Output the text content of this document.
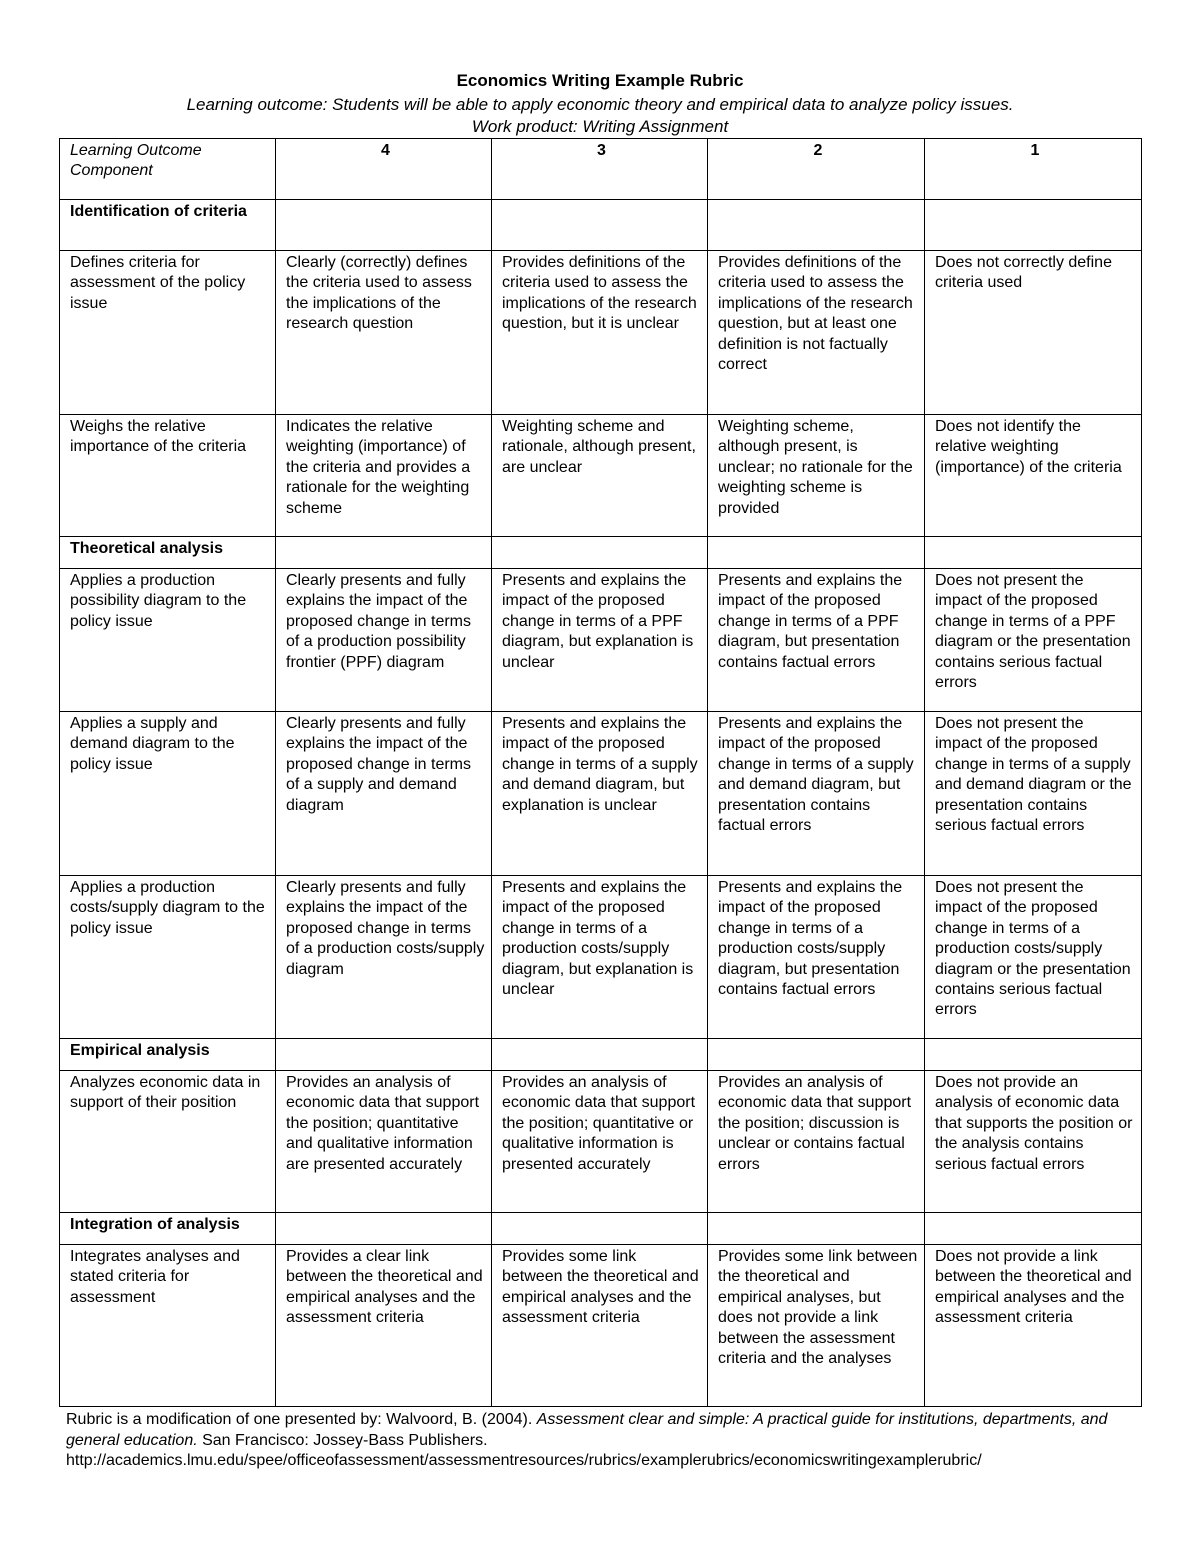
Economics Writing Example Rubric
Learning outcome: Students will be able to apply economic theory and empirical data to analyze policy issues.
Work product: Writing Assignment
Learning Outcome Component	4	3	2	1
Identification of criteria				
Defines criteria for assessment of the policy issue	Clearly (correctly) defines the criteria used to assess the implications of the research question	Provides definitions of the criteria used to assess the implications of the research question, but it is unclear	Provides definitions of the criteria used to assess the implications of the research question, but at least one definition is not factually correct	Does not correctly define criteria used
Weighs the relative importance of the criteria	Indicates the relative weighting (importance) of the criteria and provides a rationale for the weighting scheme	Weighting scheme and rationale, although present, are unclear	Weighting scheme, although present, is unclear; no rationale for the weighting scheme is provided	Does not identify the relative weighting (importance) of the criteria
Theoretical analysis				
Applies a production possibility diagram to the policy issue	Clearly presents and fully explains the impact of the proposed change in terms of a production possibility frontier (PPF) diagram	Presents and explains the impact of the proposed change in terms of a PPF diagram, but explanation is unclear	Presents and explains the impact of the proposed change in terms of a PPF diagram, but presentation contains factual errors	Does not present the impact of the proposed change in terms of a PPF diagram or the presentation contains serious factual errors
Applies a supply and demand diagram to the policy issue	Clearly presents and fully explains the impact of the proposed change in terms of a supply and demand diagram	Presents and explains the impact of the proposed change in terms of a supply and demand diagram, but explanation is unclear	Presents and explains the impact of the proposed change in terms of a supply and demand diagram, but presentation contains factual errors	Does not present the impact of the proposed change in terms of a supply and demand diagram or the presentation contains serious factual errors
Applies a production costs/supply diagram to the policy issue	Clearly presents and fully explains the impact of the proposed change in terms of a production costs/supply diagram	Presents and explains the impact of the proposed change in terms of a production costs/supply diagram, but explanation is unclear	Presents and explains the impact of the proposed change in terms of a production costs/supply diagram, but presentation contains factual errors	Does not present the impact of the proposed change in terms of a production costs/supply diagram or the presentation contains serious factual errors
Empirical analysis				
Analyzes economic data in support of their position	Provides an analysis of economic data that support the position; quantitative and qualitative information are presented accurately	Provides an analysis of economic data that support the position; quantitative or qualitative information is presented accurately	Provides an analysis of economic data that support the position; discussion is unclear or contains factual errors	Does not provide an analysis of economic data that supports the position or the analysis contains serious factual errors
Integration of analysis				
Integrates analyses and stated criteria for assessment	Provides a clear link between the theoretical and empirical analyses and the assessment criteria	Provides some link between the theoretical and empirical analyses and the assessment criteria	Provides some link between the theoretical and empirical analyses, but does not provide a link between the assessment criteria and the analyses	Does not provide a link between the theoretical and empirical analyses and the assessment criteria
Rubric is a modification of one presented by: Walvoord, B. (2004). Assessment clear and simple: A practical guide for institutions, departments, and general education. San Francisco: Jossey-Bass Publishers.
http://academics.lmu.edu/spee/officeofassessment/assessmentresources/rubrics/examplerubrics/economicswritingexamplerubric/
